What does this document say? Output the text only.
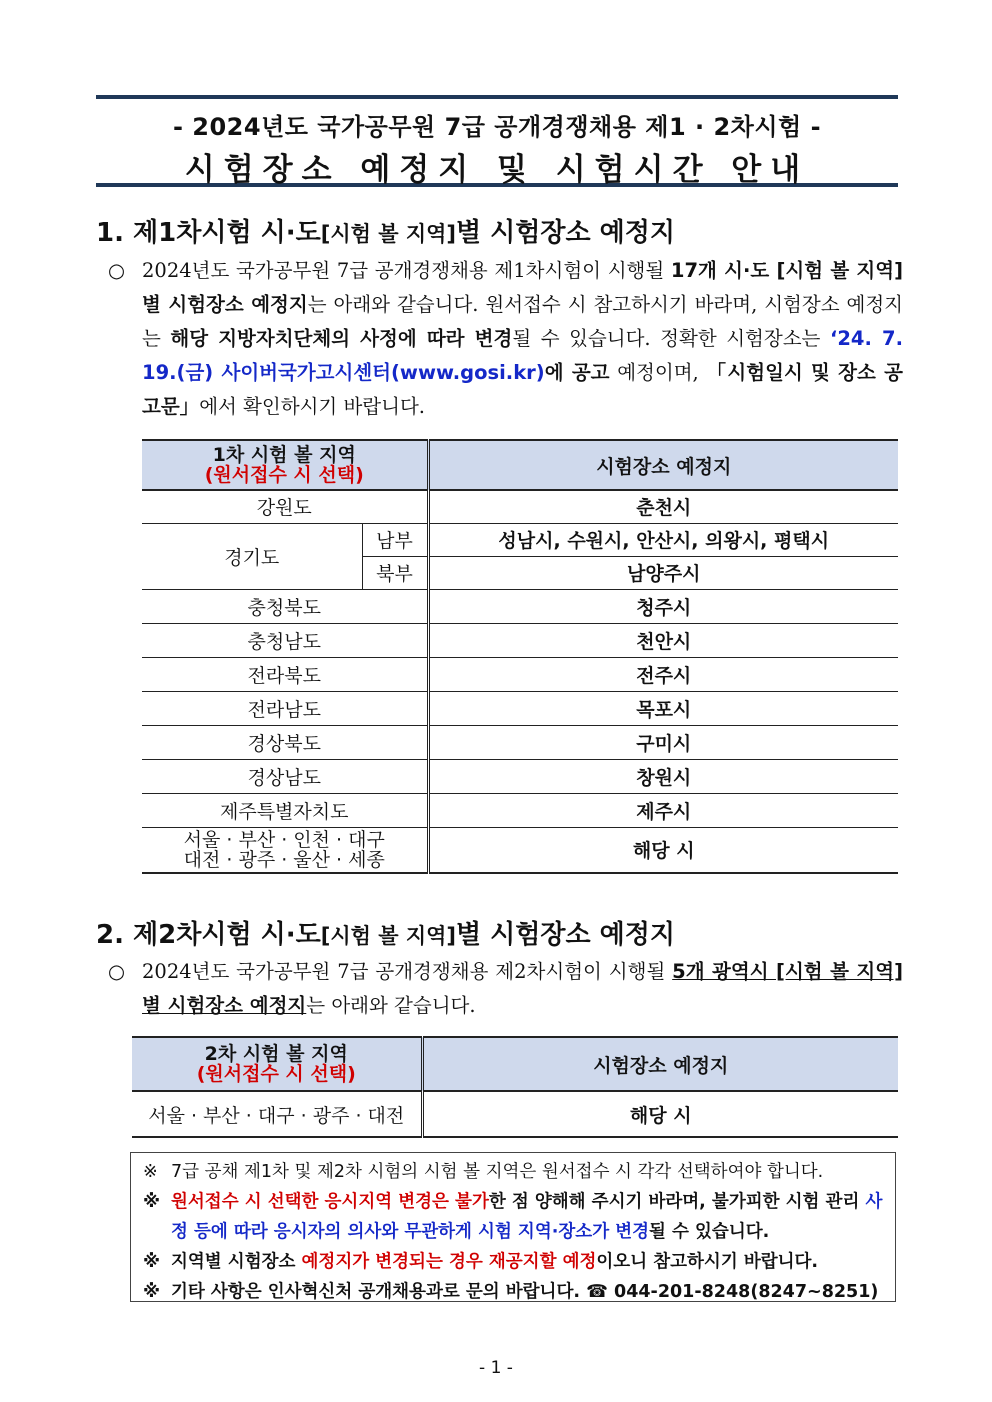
- 2024년도 국가공무원 7급 공개경쟁채용 제1 · 2차시험 -
시험장소 예정지 및 시험시간 안내
1. 제1차시험 시·도[시험 볼 지역]별 시험장소 예정지
○ 2024년도 국가공무원 7급 공개경쟁채용 제1차시험이 시행될 17개 시·도 [시험 볼 지역]별 시험장소 예정지는 아래와 같습니다. 원서접수 시 참고하시기 바라며, 시험장소 예정지는 해당 지방자치단체의 사정에 따라 변경될 수 있습니다. 정확한 시험장소는 ‘24. 7. 19.(금) 사이버국가고시센터(www.gosi.kr)에 공고 예정이며, 「시험일시 및 장소 공고문」에서 확인하시기 바랍니다.
1차 시험 볼 지역
(원서접수 시 선택)		시험장소 예정지
강원도		춘천시
경기도	남부	성남시, 수원시, 안산시, 의왕시, 평택시
	북부	남양주시
충청북도		청주시
충청남도		천안시
전라북도		전주시
전라남도		목포시
경상북도		구미시
경상남도		창원시
제주특별자치도		제주시

서울 · 부산 · 인천 · 대구
대전 · 광주 · 울산 · 세종		해당 시
2. 제2차시험 시·도[시험 볼 지역]별 시험장소 예정지
○ 2024년도 국가공무원 7급 공개경쟁채용 제2차시험이 시행될 5개 광역시 [시험 볼 지역]별 시험장소 예정지는 아래와 같습니다.
2차 시험 볼 지역
(원서접수 시 선택)	시험장소 예정지
서울 · 부산 · 대구 · 광주 · 대전	해당 시
※ 7급 공채 제1차 및 제2차 시험의 시험 볼 지역은 원서접수 시 각각 선택하여야 합니다.
※ 원서접수 시 선택한 응시지역 변경은 불가한 점 양해해 주시기 바라며, 불가피한 시험 관리 사정 등에 따라 응시자의 의사와 무관하게 시험 지역·장소가 변경될 수 있습니다.
※ 지역별 시험장소 예정지가 변경되는 경우 재공지할 예정이오니 참고하시기 바랍니다.
※ 기타 사항은 인사혁신처 공개채용과로 문의 바랍니다. ☎ 044-201-8248(8247~8251)
- 1 -
